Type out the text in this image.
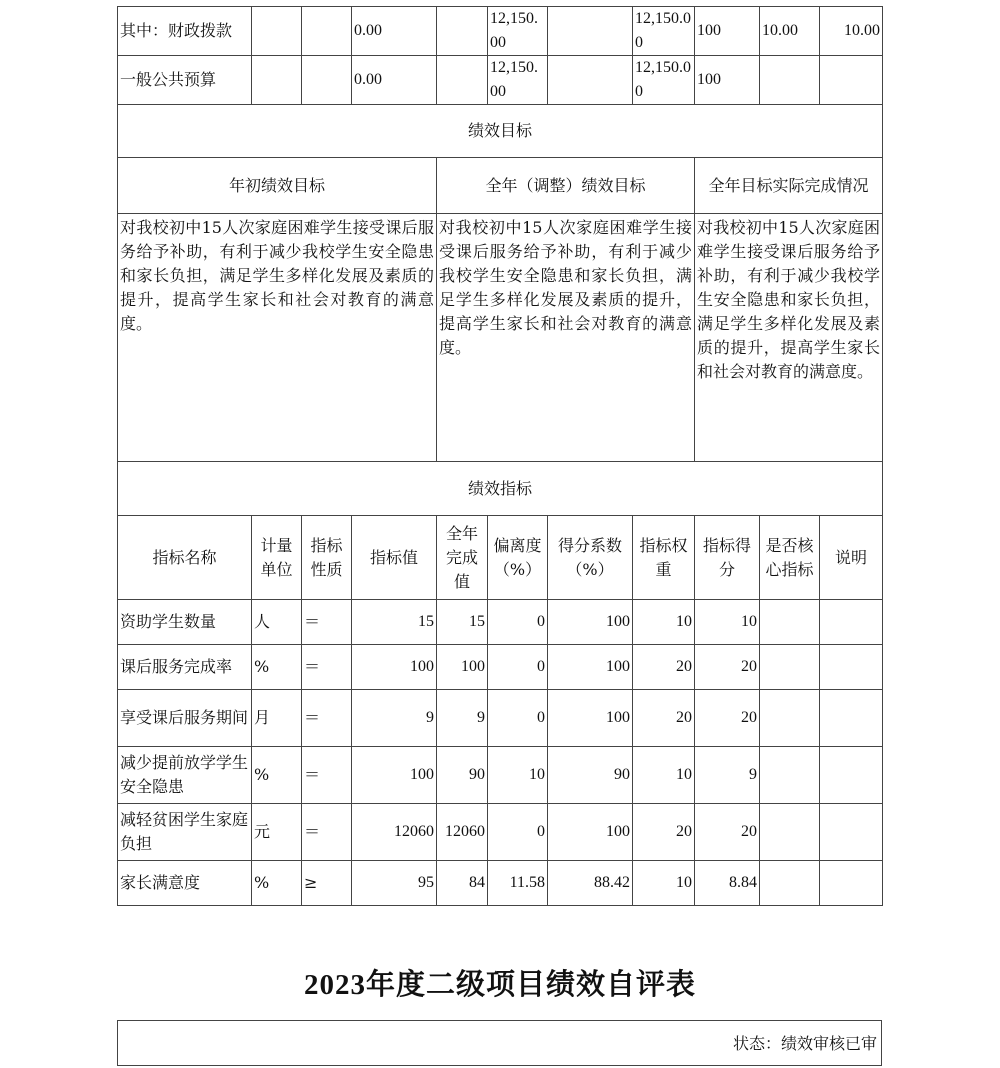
其中：财政拨款			0.00		12,150.00		12,150.00	100	10.00	10.00
一般公共预算			0.00		12,150.00		12,150.00	100		
绩效目标										
年初绩效目标				全年（调整）绩效目标				全年目标实际完成情况		
对我校初中15人次家庭困难学生接受课后服务给予补助，有利于减少我校学生安全隐患和家长负担，满足学生多样化发展及素质的提升，提高学生家长和社会对教育的满意度。				对我校初中15人次家庭困难学生接受课后服务给予补助，有利于减少我校学生安全隐患和家长负担，满足学生多样化发展及素质的提升，提高学生家长和社会对教育的满意度。				对我校初中15人次家庭困难学生接受课后服务给予补助，有利于减少我校学生安全隐患和家长负担，满足学生多样化发展及素质的提升，提高学生家长和社会对教育的满意度。		
绩效指标										
指标名称	计量单位	指标性质	指标值	全年完成值	偏离度（%）	得分系数（%）	指标权重	指标得分	是否核心指标	说明
资助学生数量	人	＝	15	15	0	100	10	10		
课后服务完成率	%	＝	100	100	0	100	20	20		
享受课后服务期间	月	＝	9	9	0	100	20	20		
减少提前放学学生安全隐患	%	＝	100	90	10	90	10	9		
减轻贫困学生家庭负担	元	＝	12060	12060	0	100	20	20		
家长满意度	%	≥	95	84	11.58	88.42	10	8.84		
2023年度二级项目绩效自评表
状态：绩效审核已审
